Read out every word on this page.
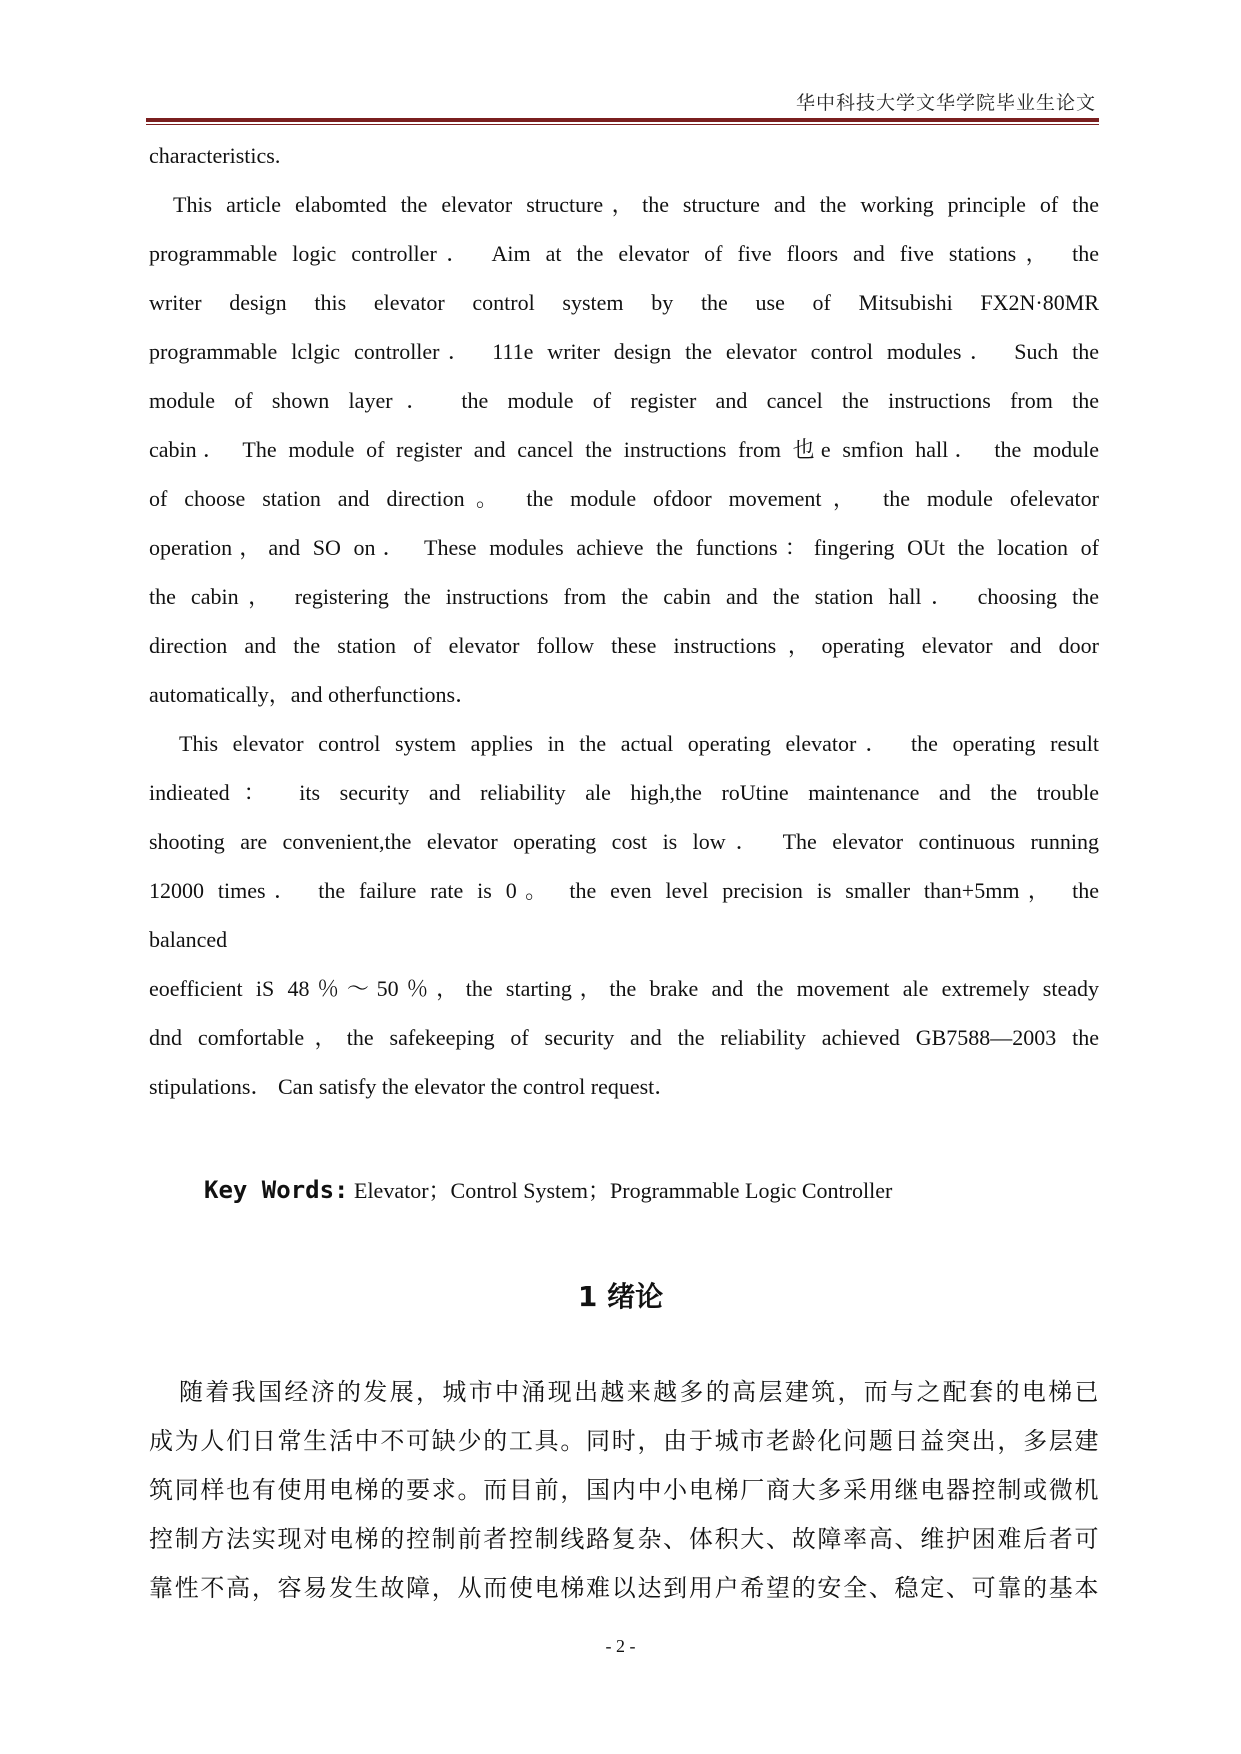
华中科技大学文华学院毕业生论文
characteristics.
This article elabomted the elevator structure，the structure and the working principle of the
programmable logic controller． Aim at the elevator of five floors and five stations， the
writer design this elevator control system by the use of Mitsubishi FX2N·80MR
programmable lclgic controller． 111e writer design the elevator control modules． Such the
module of shown layer． the module of register and cancel the instructions from the
cabin． The module of register and cancel the instructions from 也e smfion hall． the module
of choose station and direction。 the module ofdoor movement， the module ofelevator
operation，and SO on． These modules achieve the functions：fingering OUt the location of
the cabin， registering the instructions from the cabin and the station hall． choosing the
direction and the station of elevator follow these instructions，operating elevator and door
automatically，and otherfunctions．
This elevator control system applies in the actual operating elevator． the operating result
indieated： its security and reliability ale high,the roUtine maintenance and the trouble
shooting are convenient,the elevator operating cost is low． The elevator continuous running
12000 times． the failure rate is 0。 the even level precision is smaller than+5mm， the
balanced
eoefficient iS 48％～50％，the starting，the brake and the movement ale extremely steady
dnd comfortable，the safekeeping of security and the reliability achieved GB7588—2003 the
stipulations． Can satisfy the elevator the control request．
Key Words: Elevator；Control System；Programmable Logic Controller
1 绪论
随着我国经济的发展，城市中涌现出越来越多的高层建筑，而与之配套的电梯已
成为人们日常生活中不可缺少的工具。同时，由于城市老龄化问题日益突出，多层建
筑同样也有使用电梯的要求。而目前，国内中小电梯厂商大多采用继电器控制或微机
控制方法实现对电梯的控制前者控制线路复杂、体积大、故障率高、维护困难后者可
靠性不高，容易发生故障，从而使电梯难以达到用户希望的安全、稳定、可靠的基本
- 2 -
